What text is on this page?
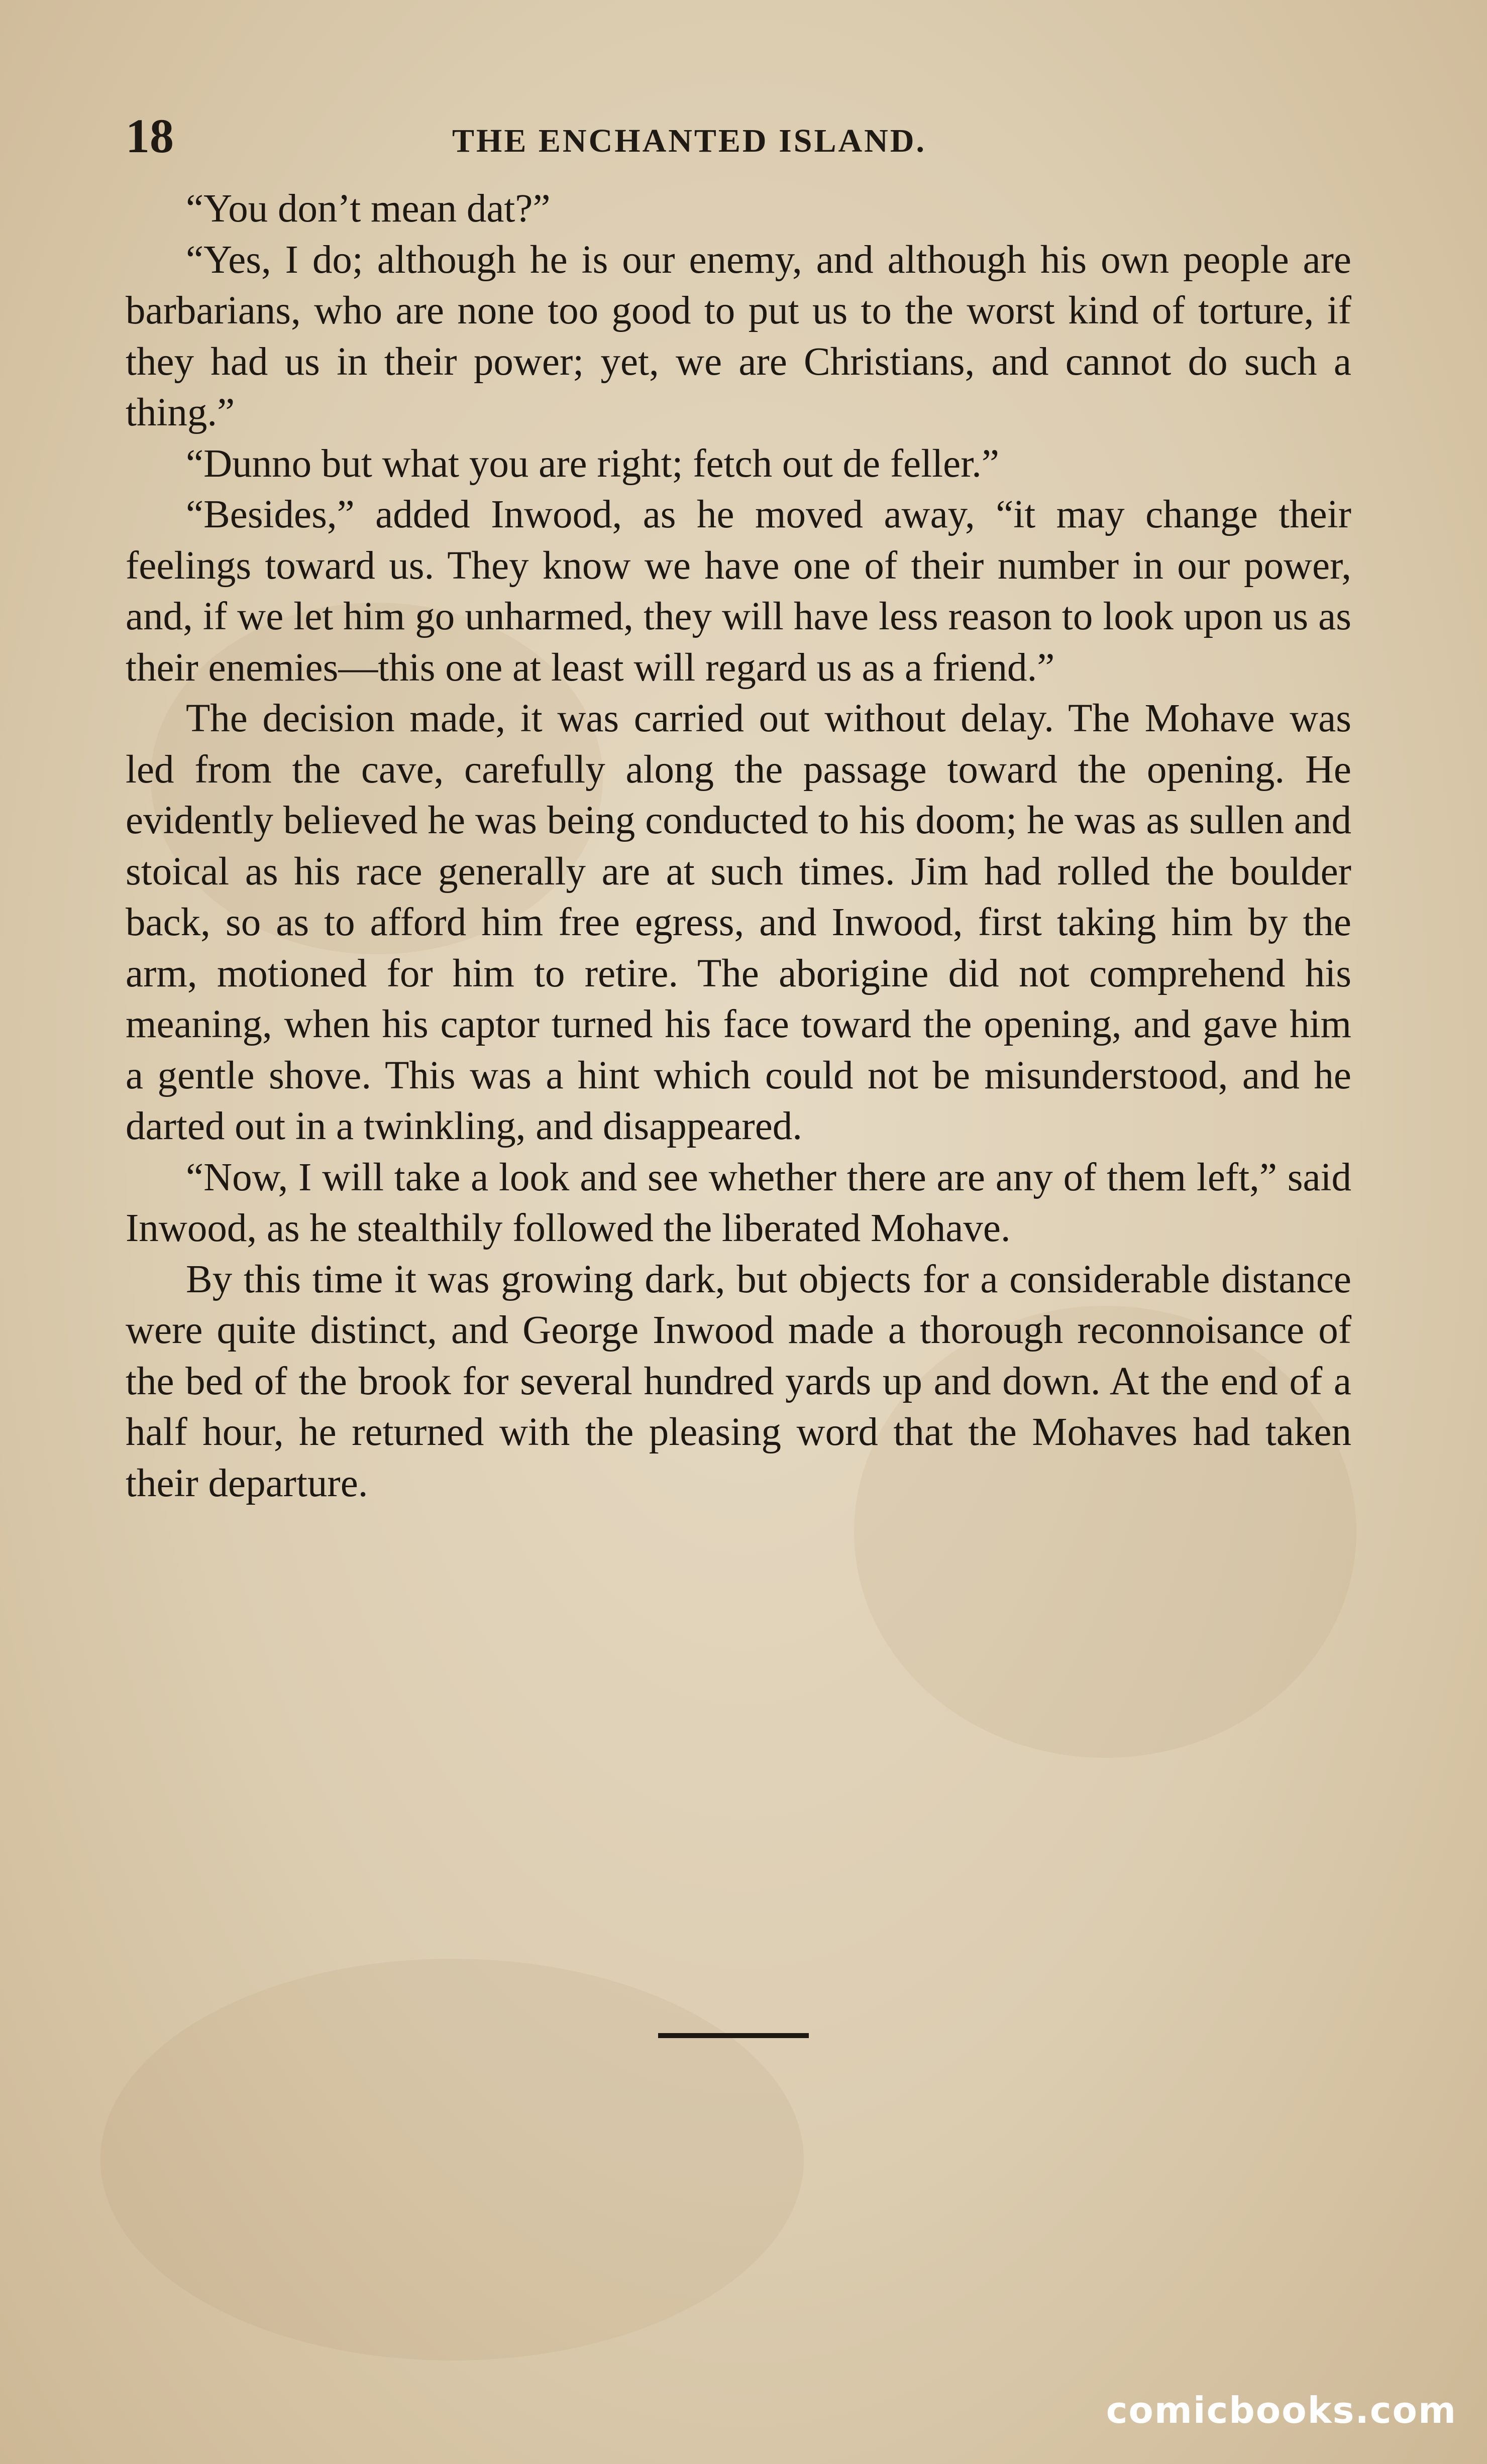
18	THE ENCHANTED ISLAND.

“You don’t mean dat?”

“Yes, I do; although he is our enemy, and although his own people are barbarians, who are none too good to put us to the worst kind of torture, if they had us in their power; yet, we are Christians, and cannot do such a thing.”

“Dunno but what you are right; fetch out de feller.”

“Besides,” added Inwood, as he moved away, “it may change their feelings toward us. They know we have one of their number in our power, and, if we let him go unharmed, they will have less reason to look upon us as their enemies—this one at least will regard us as a friend.”

The decision made, it was carried out without delay. The Mohave was led from the cave, carefully along the passage toward the opening. He evidently believed he was being conducted to his doom; he was as sullen and stoical as his race generally are at such times. Jim had rolled the boulder back, so as to afford him free egress, and Inwood, first taking him by the arm, motioned for him to retire. The aborigine did not comprehend his meaning, when his captor turned his face toward the opening, and gave him a gentle shove. This was a hint which could not be misunderstood, and he darted out in a twinkling, and disappeared.

“Now, I will take a look and see whether there are any of them left,” said Inwood, as he stealthily followed the liberated Mohave.

By this time it was growing dark, but objects for a considerable distance were quite distinct, and George Inwood made a thorough reconnoisance of the bed of the brook for several hundred yards up and down. At the end of a half hour, he returned with the pleasing word that the Mohaves had taken their departure.

comicbooks.com
